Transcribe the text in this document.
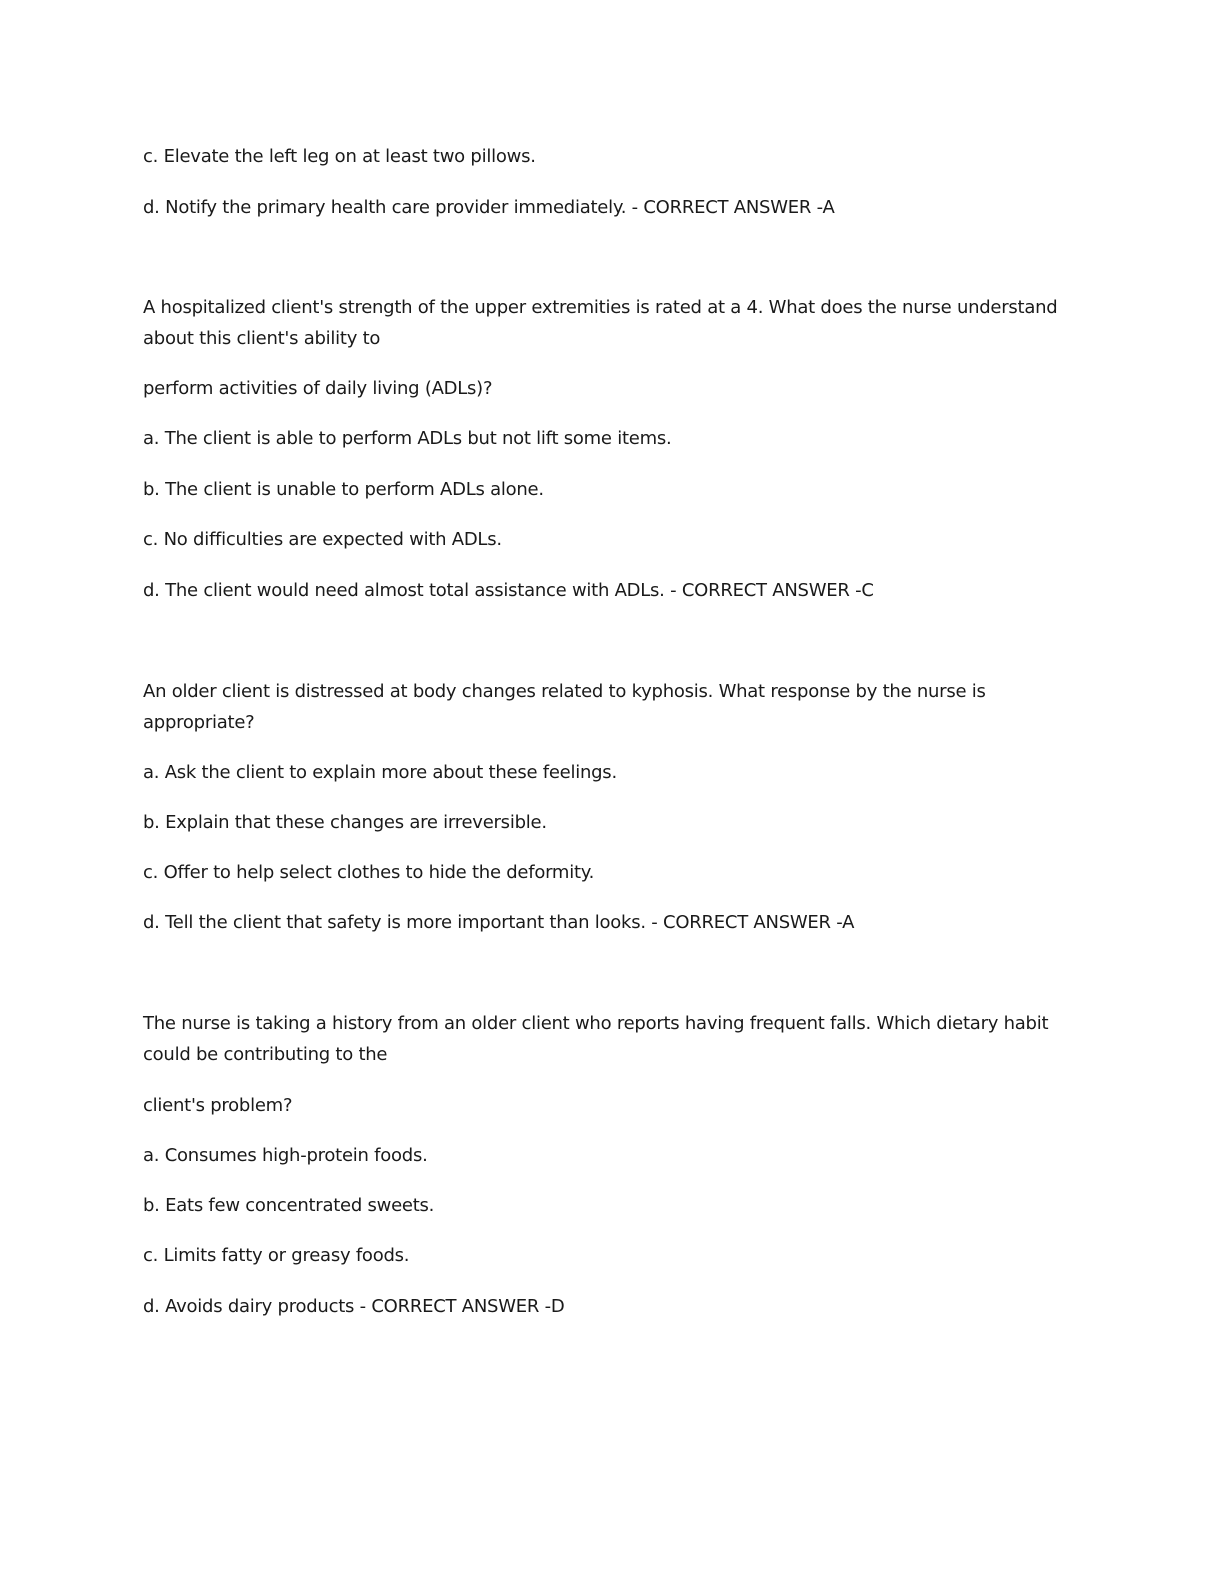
c. Elevate the left leg on at least two pillows.
d. Notify the primary health care provider immediately. - CORRECT ANSWER -A
A hospitalized client's strength of the upper extremities is rated at a 4. What does the nurse understand about this client's ability to
perform activities of daily living (ADLs)?
a. The client is able to perform ADLs but not lift some items.
b. The client is unable to perform ADLs alone.
c. No difficulties are expected with ADLs.
d. The client would need almost total assistance with ADLs. - CORRECT ANSWER -C
An older client is distressed at body changes related to kyphosis. What response by the nurse is appropriate?
a. Ask the client to explain more about these feelings.
b. Explain that these changes are irreversible.
c. Offer to help select clothes to hide the deformity.
d. Tell the client that safety is more important than looks. - CORRECT ANSWER -A
The nurse is taking a history from an older client who reports having frequent falls. Which dietary habit could be contributing to the
client's problem?
a. Consumes high-protein foods.
b. Eats few concentrated sweets.
c. Limits fatty or greasy foods.
d. Avoids dairy products - CORRECT ANSWER -D
